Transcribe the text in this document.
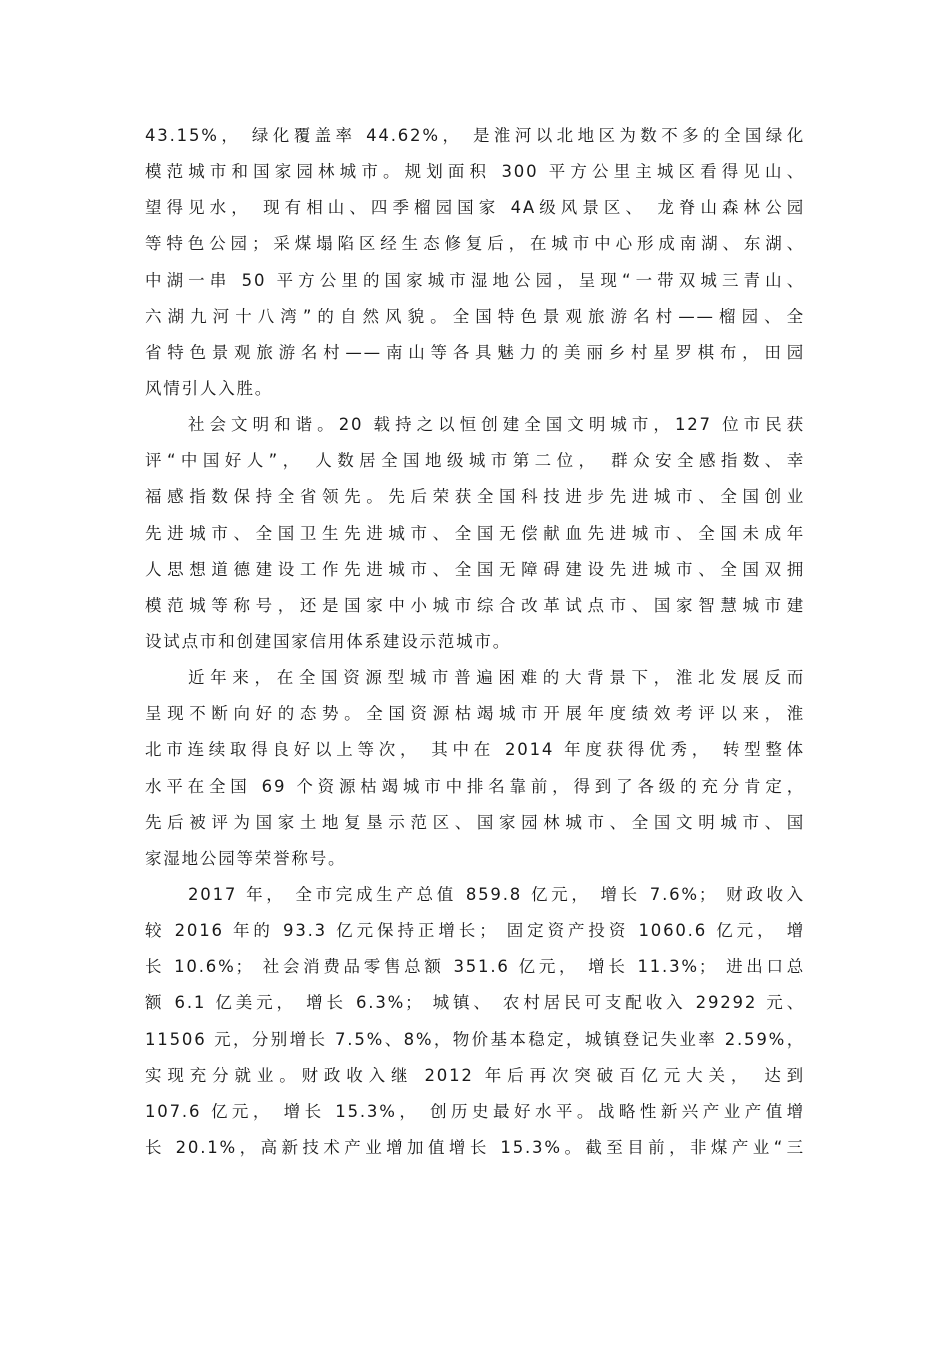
43.15%， 绿化覆盖率 44.62%， 是淮河以北地区为数不多的全国绿化
模范城市和国家园林城市。规划面积 300 平方公里主城区看得见山、
望得见水， 现有相山、四季榴园国家 4A级风景区、 龙脊山森林公园
等特色公园；采煤塌陷区经生态修复后，在城市中心形成南湖、东湖、
中湖一串 50 平方公里的国家城市湿地公园，呈现“一带双城三青山、
六湖九河十八湾”的自然风貌。全国特色景观旅游名村——榴园、全
省特色景观旅游名村——南山等各具魅力的美丽乡村星罗棋布，田园
风情引人入胜。
社会文明和谐。20 载持之以恒创建全国文明城市，127 位市民获
评“中国好人”， 人数居全国地级城市第二位， 群众安全感指数、幸
福感指数保持全省领先。先后荣获全国科技进步先进城市、全国创业
先进城市、全国卫生先进城市、全国无偿献血先进城市、全国未成年
人思想道德建设工作先进城市、全国无障碍建设先进城市、全国双拥
模范城等称号，还是国家中小城市综合改革试点市、国家智慧城市建
设试点市和创建国家信用体系建设示范城市。
近年来，在全国资源型城市普遍困难的大背景下，淮北发展反而
呈现不断向好的态势。全国资源枯竭城市开展年度绩效考评以来，淮
北市连续取得良好以上等次， 其中在 2014 年度获得优秀， 转型整体
水平在全国 69 个资源枯竭城市中排名靠前，得到了各级的充分肯定，
先后被评为国家土地复垦示范区、国家园林城市、全国文明城市、国
家湿地公园等荣誉称号。
2017 年， 全市完成生产总值 859.8 亿元， 增长 7.6%； 财政收入
较 2016 年的 93.3 亿元保持正增长； 固定资产投资 1060.6 亿元， 增
长 10.6%； 社会消费品零售总额 351.6 亿元， 增长 11.3%； 进出口总
额 6.1 亿美元， 增长 6.3%； 城镇、 农村居民可支配收入 29292 元、
11506 元，分别增长 7.5%、8%，物价基本稳定，城镇登记失业率 2.59%，
实现充分就业。财政收入继 2012 年后再次突破百亿元大关， 达到
107.6 亿元， 增长 15.3%， 创历史最好水平。战略性新兴产业产值增
长 20.1%，高新技术产业增加值增长 15.3%。截至目前，非煤产业“三
